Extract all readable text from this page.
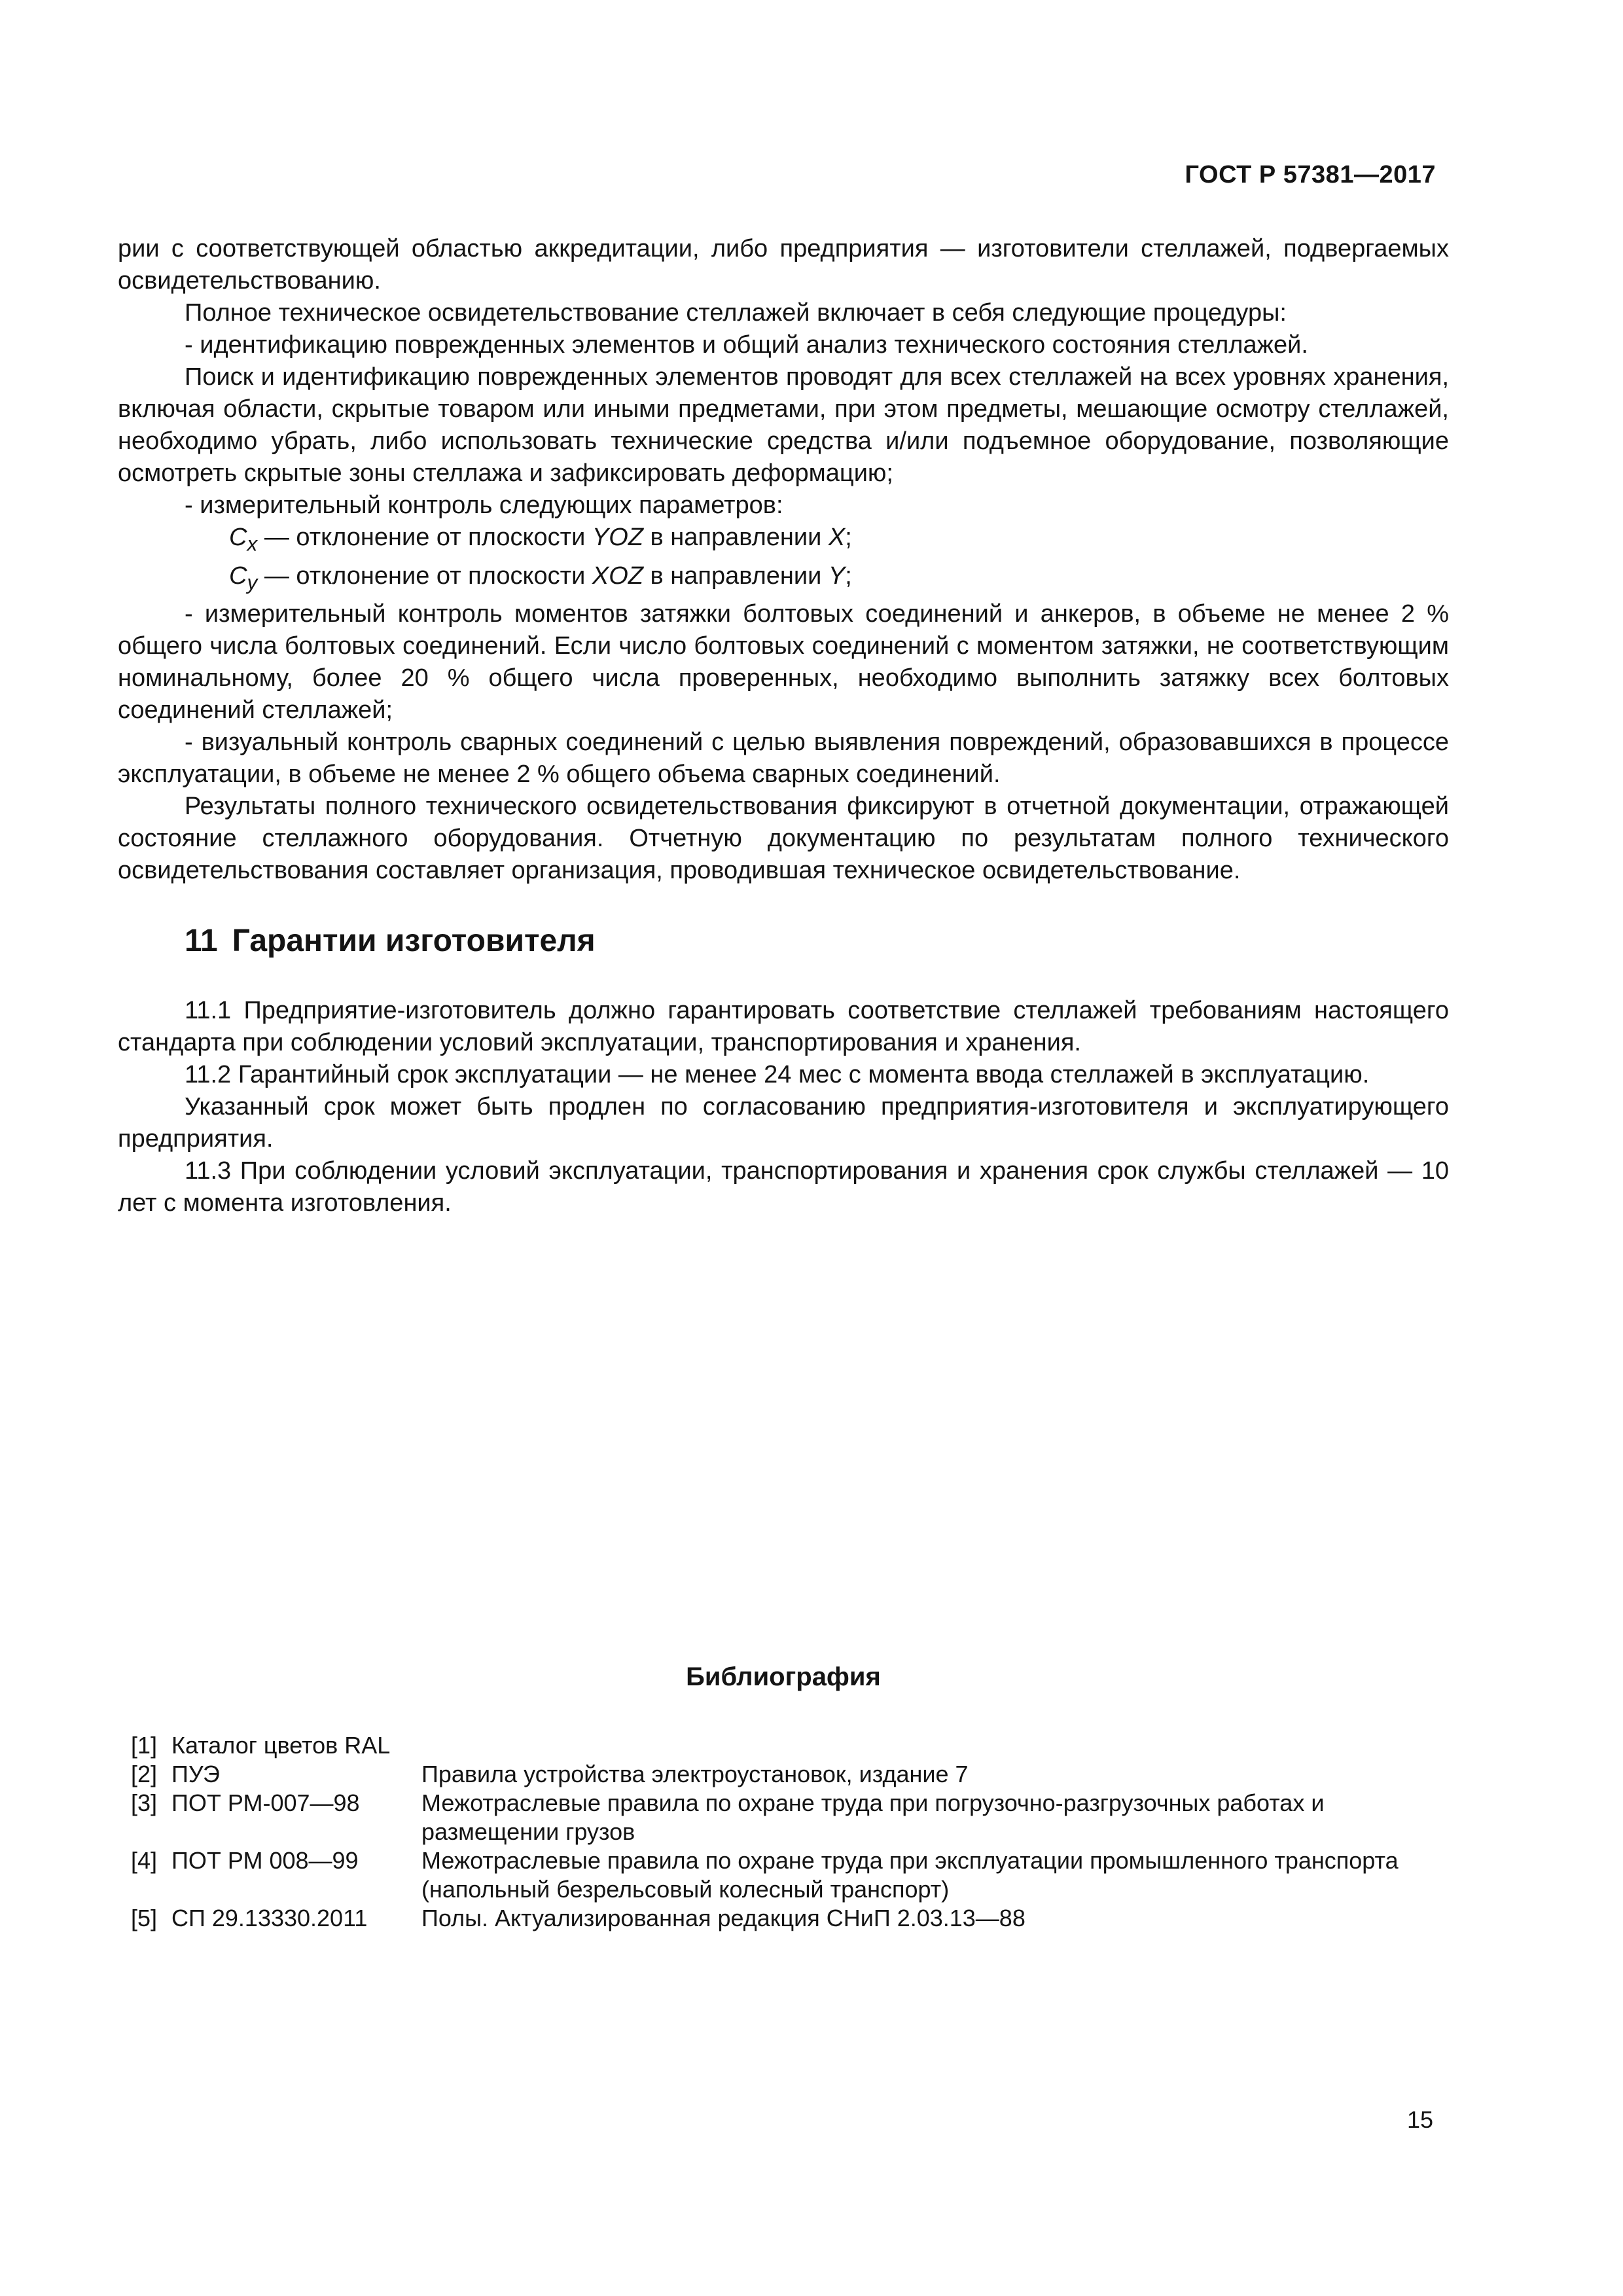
ГОСТ Р 57381—2017

рии с соответствующей областью аккредитации, либо предприятия — изготовители стеллажей, подвергаемых освидетельствованию.

Полное техническое освидетельствование стеллажей включает в себя следующие процедуры:

- идентификацию поврежденных элементов и общий анализ технического состояния стеллажей.

Поиск и идентификацию поврежденных элементов проводят для всех стеллажей на всех уровнях хранения, включая области, скрытые товаром или иными предметами, при этом предметы, мешающие осмотру стеллажей, необходимо убрать, либо использовать технические средства и/или подъемное оборудование, позволяющие осмотреть скрытые зоны стеллажа и зафиксировать деформацию;

- измерительный контроль следующих параметров:

$C_x$ — отклонение от плоскости YOZ в направлении X;

$C_y$ — отклонение от плоскости XOZ в направлении Y;

- измерительный контроль моментов затяжки болтовых соединений и анкеров, в объеме не менее 2 % общего числа болтовых соединений. Если число болтовых соединений с моментом затяжки, не соответствующим номинальному, более 20 % общего числа проверенных, необходимо выполнить затяжку всех болтовых соединений стеллажей;

- визуальный контроль сварных соединений с целью выявления повреждений, образовавшихся в процессе эксплуатации, в объеме не менее 2 % общего объема сварных соединений.

Результаты полного технического освидетельствования фиксируют в отчетной документации, отражающей состояние стеллажного оборудования. Отчетную документацию по результатам полного технического освидетельствования составляет организация, проводившая техническое освидетельствование.

11 Гарантии изготовителя

11.1 Предприятие-изготовитель должно гарантировать соответствие стеллажей требованиям настоящего стандарта при соблюдении условий эксплуатации, транспортирования и хранения.

11.2 Гарантийный срок эксплуатации — не менее 24 мес с момента ввода стеллажей в эксплуатацию.

Указанный срок может быть продлен по согласованию предприятия-изготовителя и эксплуатирующего предприятия.

11.3 При соблюдении условий эксплуатации, транспортирования и хранения срок службы стеллажей — 10 лет с момента изготовления.

Библиография
[1] Каталог цветов RAL
[2] ПУЭ	Правила устройства электроустановок, издание 7
[3] ПОТ РМ-007—98	Межотраслевые правила по охране труда при погрузочно-разгрузочных работах и размещении грузов
[4] ПОТ РМ 008—99	Межотраслевые правила по охране труда при эксплуатации промышленного транспорта (напольный безрельсовый колесный транспорт)
[5] СП 29.13330.2011	Полы. Актуализированная редакция СНиП 2.03.13—88
15
